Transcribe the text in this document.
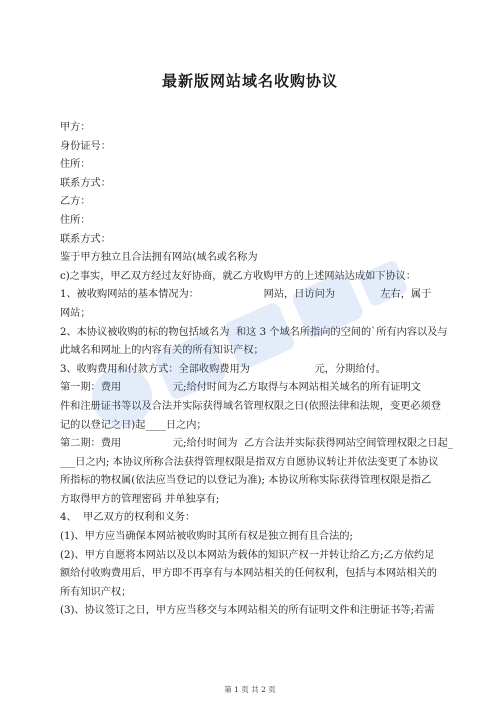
最新版网站域名收购协议
甲方：
身份证号：
住所：
联系方式：
乙方：
住所：
联系方式：
鉴于甲方独立且合法拥有网站(域名或名称为
c)之事实，甲乙双方经过友好协商，就乙方收购甲方的上述网站达成如下协议：
1、被收购网站的基本情况为：                    网站，日访问为              左右，属于
网站；
2、本协议被收购的标的物包括域名为  和这 3 个域名所指向的空间的`所有内容以及与
此域名和网址上的内容有关的所有知识产权；
3、收购费用和付款方式：全部收购费用为                    元，分期给付。
第一期：费用                元;给付时间为乙方取得与本网站相关域名的所有证明文
件和注册证书等以及合法并实际获得域名管理权限之日(依照法律和法规，变更必须登
记的以登记之日)起____日之内；
第二期：费用                元;给付时间为  乙方合法并实际获得网站空间管理权限之日起_
___日之内; 本协议所称合法获得管理权限是指双方自愿协议转让并依法变更了本协议
所指标的物权属(依法应当登记的以登记为准); 本协议所称实际获得管理权限是指乙
方取得甲方的管理密码 并单独享有;
4、  甲乙双方的权利和义务：
(1)、甲方应当确保本网站被收购时其所有权是独立拥有且合法的;
(2)、甲方自愿将本网站以及以本网站为载体的知识产权一并转让给乙方;乙方依约足
额给付收购费用后，甲方即不再享有与本网站相关的任何权利，包括与本网站相关的
所有知识产权；
(3)、协议签订之日，甲方应当移交与本网站相关的所有证明文件和注册证书等;若需
第 1 页 共 2 页
